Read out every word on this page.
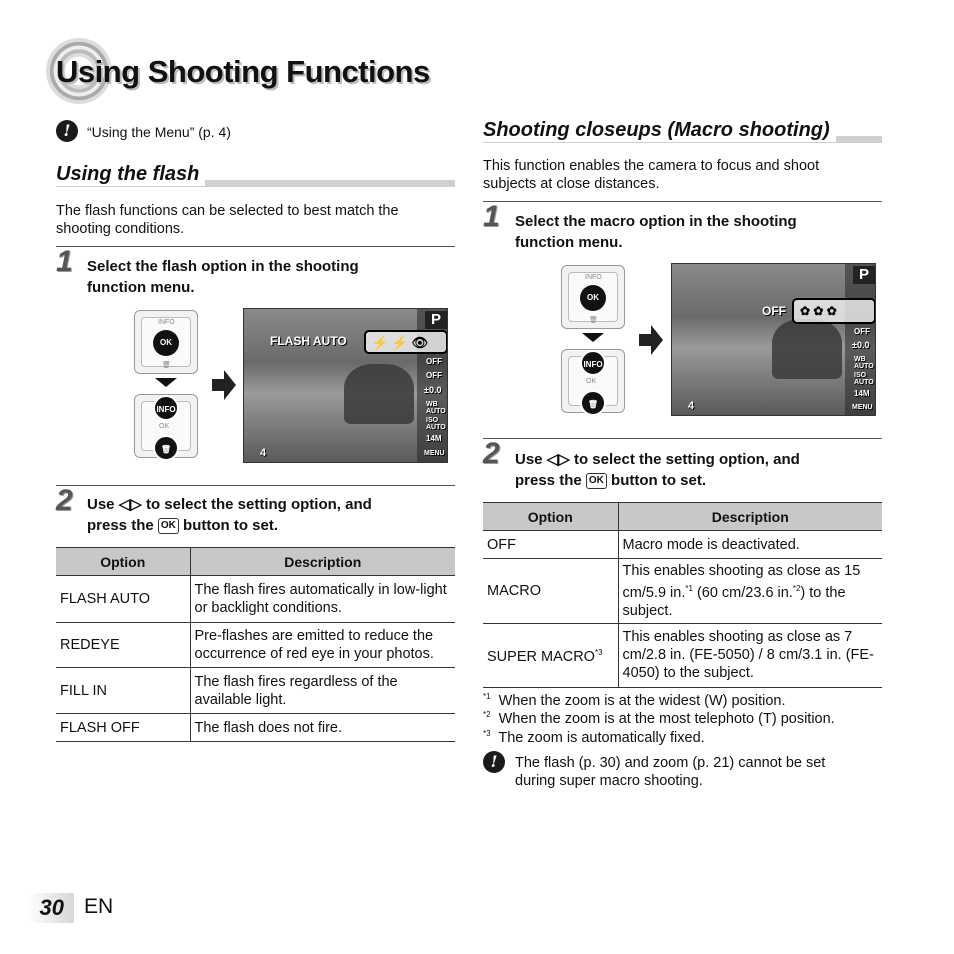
Using Shooting Functions
!	“Using the Menu” (p. 4)
Using the flash
The flash functions can be selected to best match the
shooting conditions.
1 Select the flash option in the shooting
function menu.
INFO
OK
🗑
INFO
OK
🗑
P
⚡ ⚡ 👁
FLASH AUTO
OFF
OFF
±0.0
WB AUTO
ISO AUTO
14M
MENU
4
2 Use ◁▷ to select the setting option, and
press the OK button to set.
Option	Description
FLASH AUTO	The flash fires automatically in low-light or backlight conditions.
REDEYE	Pre-flashes are emitted to reduce the occurrence of red eye in your photos.
FILL IN	The flash fires regardless of the available light.
FLASH OFF	The flash does not fire.
Shooting closeups (Macro shooting)
This function enables the camera to focus and shoot
subjects at close distances.
1 Select the macro option in the shooting
function menu.
INFO
OK
🗑
INFO
OK
🗑
P
✿ ✿ ✿
OFF
OFF
±0.0
WB AUTO
ISO AUTO
14M
MENU
4
2 Use ◁▷ to select the setting option, and
press the OK button to set.
Option	Description
OFF	Macro mode is deactivated.
MACRO	This enables shooting as close as 15 cm/5.9 in.$^{*1}$ (60 cm/23.6 in.$^{*2}$) to the subject.
SUPER MACRO$^{*3}$	This enables shooting as close as 7 cm/2.8 in. (FE-5050) / 8 cm/3.1 in. (FE-4050) to the subject.
$^{*1}$ When the zoom is at the widest (W) position.
$^{*2}$ When the zoom is at the most telephoto (T) position.
$^{*3}$ The zoom is automatically fixed.
!	The flash (p. 30) and zoom (p. 21) cannot be set
during super macro shooting.
30 EN
